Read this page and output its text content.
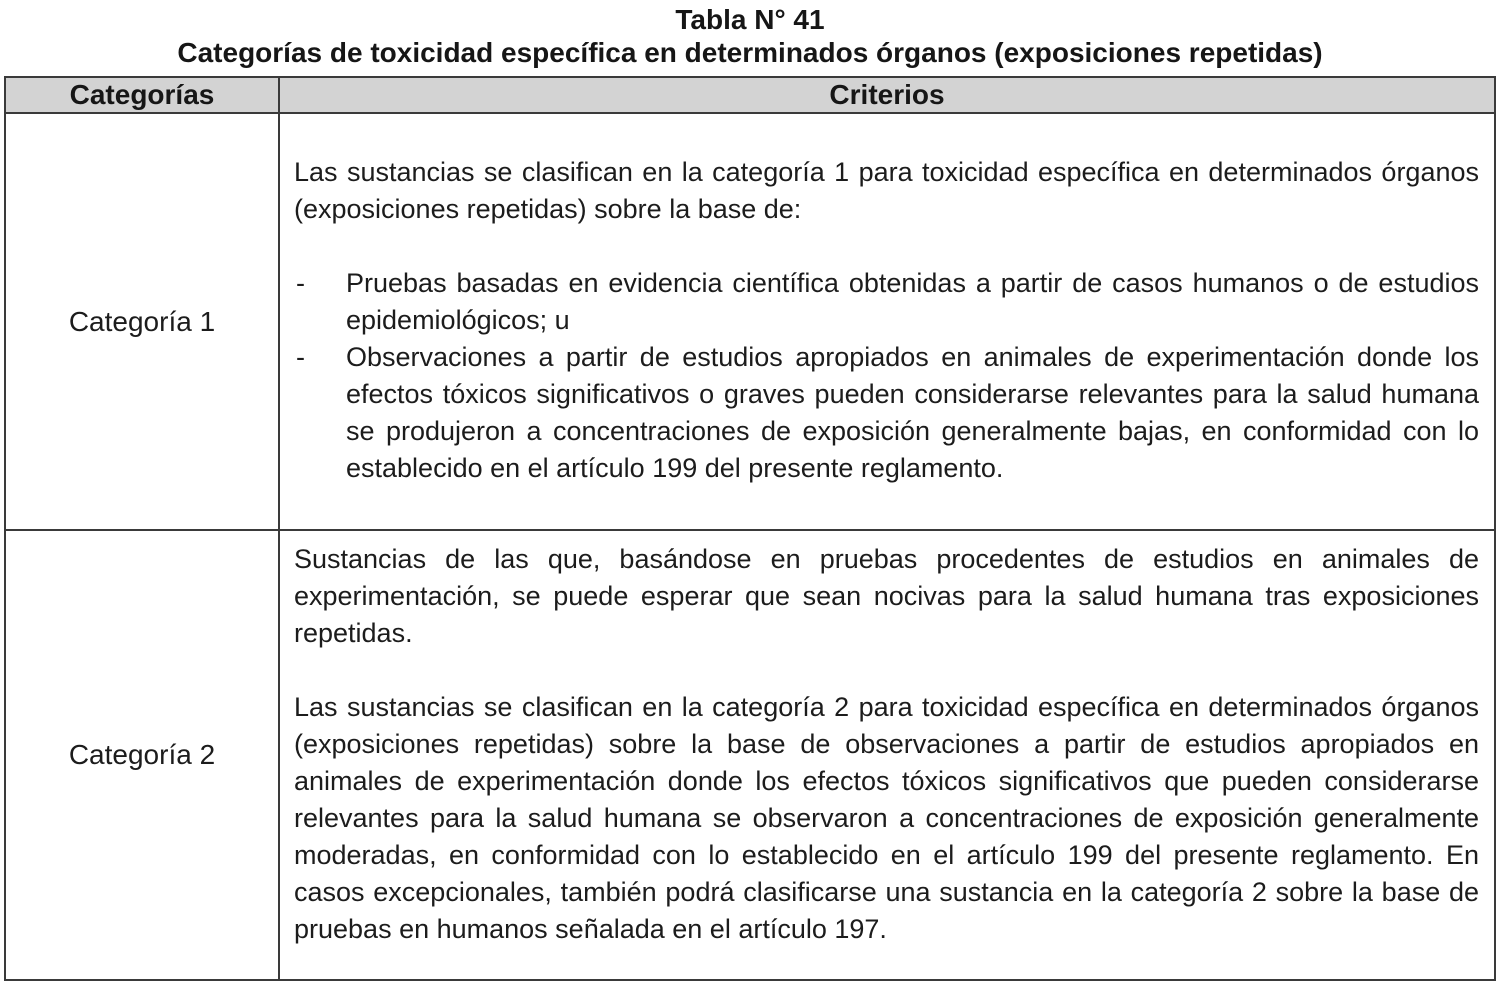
Tabla N° 41
Categorías de toxicidad específica en determinados órganos (exposiciones repetidas)
Categorías	Criterios
Categoría 1	Las sustancias se clasifican en la categoría 1 para toxicidad específica en determinados órganos (exposiciones repetidas) sobre la base de:

- Pruebas basadas en evidencia científica obtenidas a partir de casos humanos o de estudios epidemiológicos; u
- Observaciones a partir de estudios apropiados en animales de experimentación donde los efectos tóxicos significativos o graves pueden considerarse relevantes para la salud humana se produjeron a concentraciones de exposición generalmente bajas, en conformidad con lo establecido en el artículo 199 del presente reglamento.

Categoría 2	Sustancias de las que, basándose en pruebas procedentes de estudios en animales de experimentación, se puede esperar que sean nocivas para la salud humana tras exposiciones repetidas.

Las sustancias se clasifican en la categoría 2 para toxicidad específica en determinados órganos (exposiciones repetidas) sobre la base de observaciones a partir de estudios apropiados en animales de experimentación donde los efectos tóxicos significativos que pueden considerarse relevantes para la salud humana se observaron a concentraciones de exposición generalmente moderadas, en conformidad con lo establecido en el artículo 199 del presente reglamento. En casos excepcionales, también podrá clasificarse una sustancia en la categoría 2 sobre la base de pruebas en humanos señalada en el artículo 197.
